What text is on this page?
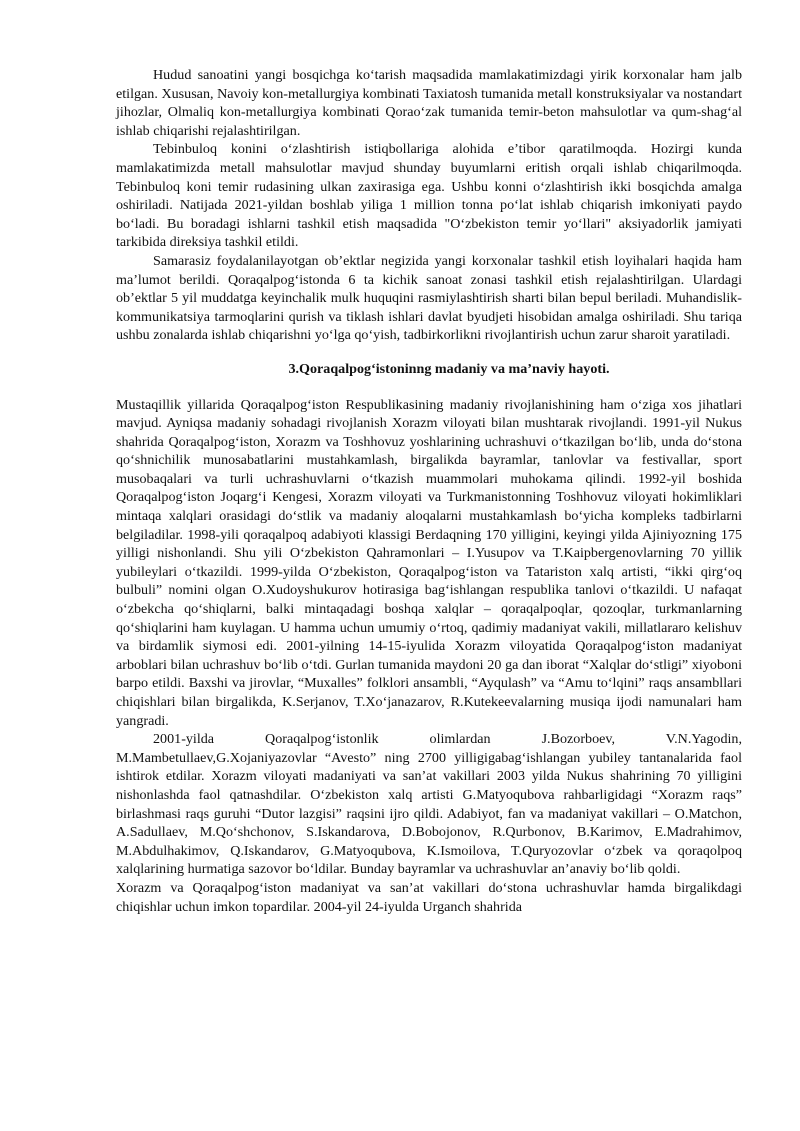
Hudud sanoatini yangi bosqichga ko‘tarish maqsadida mamlakatimizdagi yirik korxonalar ham jalb etilgan. Xususan, Navoiy kon-metallurgiya kombinati Taxiatosh tumanida metall konstruksiyalar va nostandart jihozlar, Olmaliq kon-metallurgiya kombinati Qorao‘zak tumanida temir-beton mahsulotlar va qum-shag‘al ishlab chiqarishi rejalashtirilgan.

Tebinbuloq konini o‘zlashtirish istiqbollariga alohida e’tibor qaratilmoqda. Hozirgi kunda mamlakatimizda metall mahsulotlar mavjud shunday buyumlarni eritish orqali ishlab chiqarilmoqda. Tebinbuloq koni temir rudasining ulkan zaxirasiga ega. Ushbu konni o‘zlashtirish ikki bosqichda amalga oshiriladi. Natijada 2021-yildan boshlab yiliga 1 million tonna po‘lat ishlab chiqarish imkoniyati paydo bo‘ladi. Bu boradagi ishlarni tashkil etish maqsadida "O‘zbekiston temir yo‘llari" aksiyadorlik jamiyati tarkibida direksiya tashkil etildi.

Samarasiz foydalanilayotgan ob’ektlar negizida yangi korxonalar tashkil etish loyihalari haqida ham ma’lumot berildi. Qoraqalpog‘istonda 6 ta kichik sanoat zonasi tashkil etish rejalashtirilgan. Ulardagi ob’ektlar 5 yil muddatga keyinchalik mulk huquqini rasmiylashtirish sharti bilan bepul beriladi. Muhandislik-kommunikatsiya tarmoqlarini qurish va tiklash ishlari davlat byudjeti hisobidan amalga oshiriladi. Shu tariqa ushbu zonalarda ishlab chiqarishni yo‘lga qo‘yish, tadbirkorlikni rivojlantirish uchun zarur sharoit yaratiladi.

3.Qoraqalpog‘istoninng madaniy va ma’naviy hayoti.

Mustaqillik yillarida Qoraqalpog‘iston Respublikasining madaniy rivojlanishining ham o‘ziga xos jihatlari mavjud. Ayniqsa madaniy sohadagi rivojlanish Xorazm viloyati bilan mushtarak rivojlandi. 1991-yil Nukus shahrida Qoraqalpog‘iston, Xorazm va Toshhovuz yoshlarining uchrashuvi o‘tkazilgan bo‘lib, unda do‘stona qo‘shnichilik munosabatlarini mustahkamlash, birgalikda bayramlar, tanlovlar va festivallar, sport musobaqalari va turli uchrashuvlarni o‘tkazish muammolari muhokama qilindi. 1992-yil boshida Qoraqalpog‘iston Joqarg‘i Kengesi, Xorazm viloyati va Turkmanistonning Toshhovuz viloyati hokimliklari mintaqa xalqlari orasidagi do‘stlik va madaniy aloqalarni mustahkamlash bo‘yicha kompleks tadbirlarni belgiladilar. 1998-yili qoraqalpoq adabiyoti klassigi Berdaqning 170 yilligini, keyingi yilda Ajiniyozning 175 yilligi nishonlandi. Shu yili O‘zbekiston Qahramonlari – I.Yusupov va T.Kaipbergenovlarning 70 yillik yubileylari o‘tkazildi. 1999-yilda O‘zbekiston, Qoraqalpog‘iston va Tatariston xalq artisti, “ikki qirg‘oq bulbuli” nomini olgan O.Xudoyshukurov hotirasiga bag‘ishlangan respublika tanlovi o‘tkazildi. U nafaqat o‘zbekcha qo‘shiqlarni, balki mintaqadagi boshqa xalqlar – qoraqalpoqlar, qozoqlar, turkmanlarning qo‘shiqlarini ham kuylagan. U hamma uchun umumiy o‘rtoq, qadimiy madaniyat vakili, millatlararo kelishuv va birdamlik siymosi edi. 2001-yilning 14-15-iyulida Xorazm viloyatida Qoraqalpog‘iston madaniyat arboblari bilan uchrashuv bo‘lib o‘tdi. Gurlan tumanida maydoni 20 ga dan iborat “Xalqlar do‘stligi” xiyoboni barpo etildi. Baxshi va jirovlar, “Muxalles” folklori ansambli, “Ayqulash” va “Amu to‘lqini” raqs ansambllari chiqishlari bilan birgalikda, K.Serjanov, T.Xo‘janazarov, R.Kutekeevalarning musiqa ijodi namunalari ham yangradi.

2001-yilda Qoraqalpog‘istonlik olimlardan J.Bozorboev, V.N.Yagodin, M.Mambetullaev,G.Xojaniyazovlar “Avesto” ning 2700 yilligigabag‘ishlangan yubiley tantanalarida faol ishtirok etdilar. Xorazm viloyati madaniyati va san’at vakillari 2003 yilda Nukus shahrining 70 yilligini nishonlashda faol qatnashdilar. O‘zbekiston xalq artisti G.Matyoqubova rahbarligidagi “Xorazm raqs” birlashmasi raqs guruhi “Dutor lazgisi” raqsini ijro qildi. Adabiyot, fan va madaniyat vakillari – O.Matchon, A.Sadullaev, M.Qo‘shchonov, S.Iskandarova, D.Bobojonov, R.Qurbonov, B.Karimov, E.Madrahimov, M.Abdulhakimov, Q.Iskandarov, G.Matyoqubova, K.Ismoilova, T.Quryozovlar o‘zbek va qoraqolpoq xalqlarining hurmatiga sazovor bo‘ldilar. Bunday bayramlar va uchrashuvlar an’anaviy bo‘lib qoldi.

Xorazm va Qoraqalpog‘iston madaniyat va san’at vakillari do‘stona uchrashuvlar hamda birgalikdagi chiqishlar uchun imkon topardilar. 2004-yil 24-iyulda Urganch shahrida
